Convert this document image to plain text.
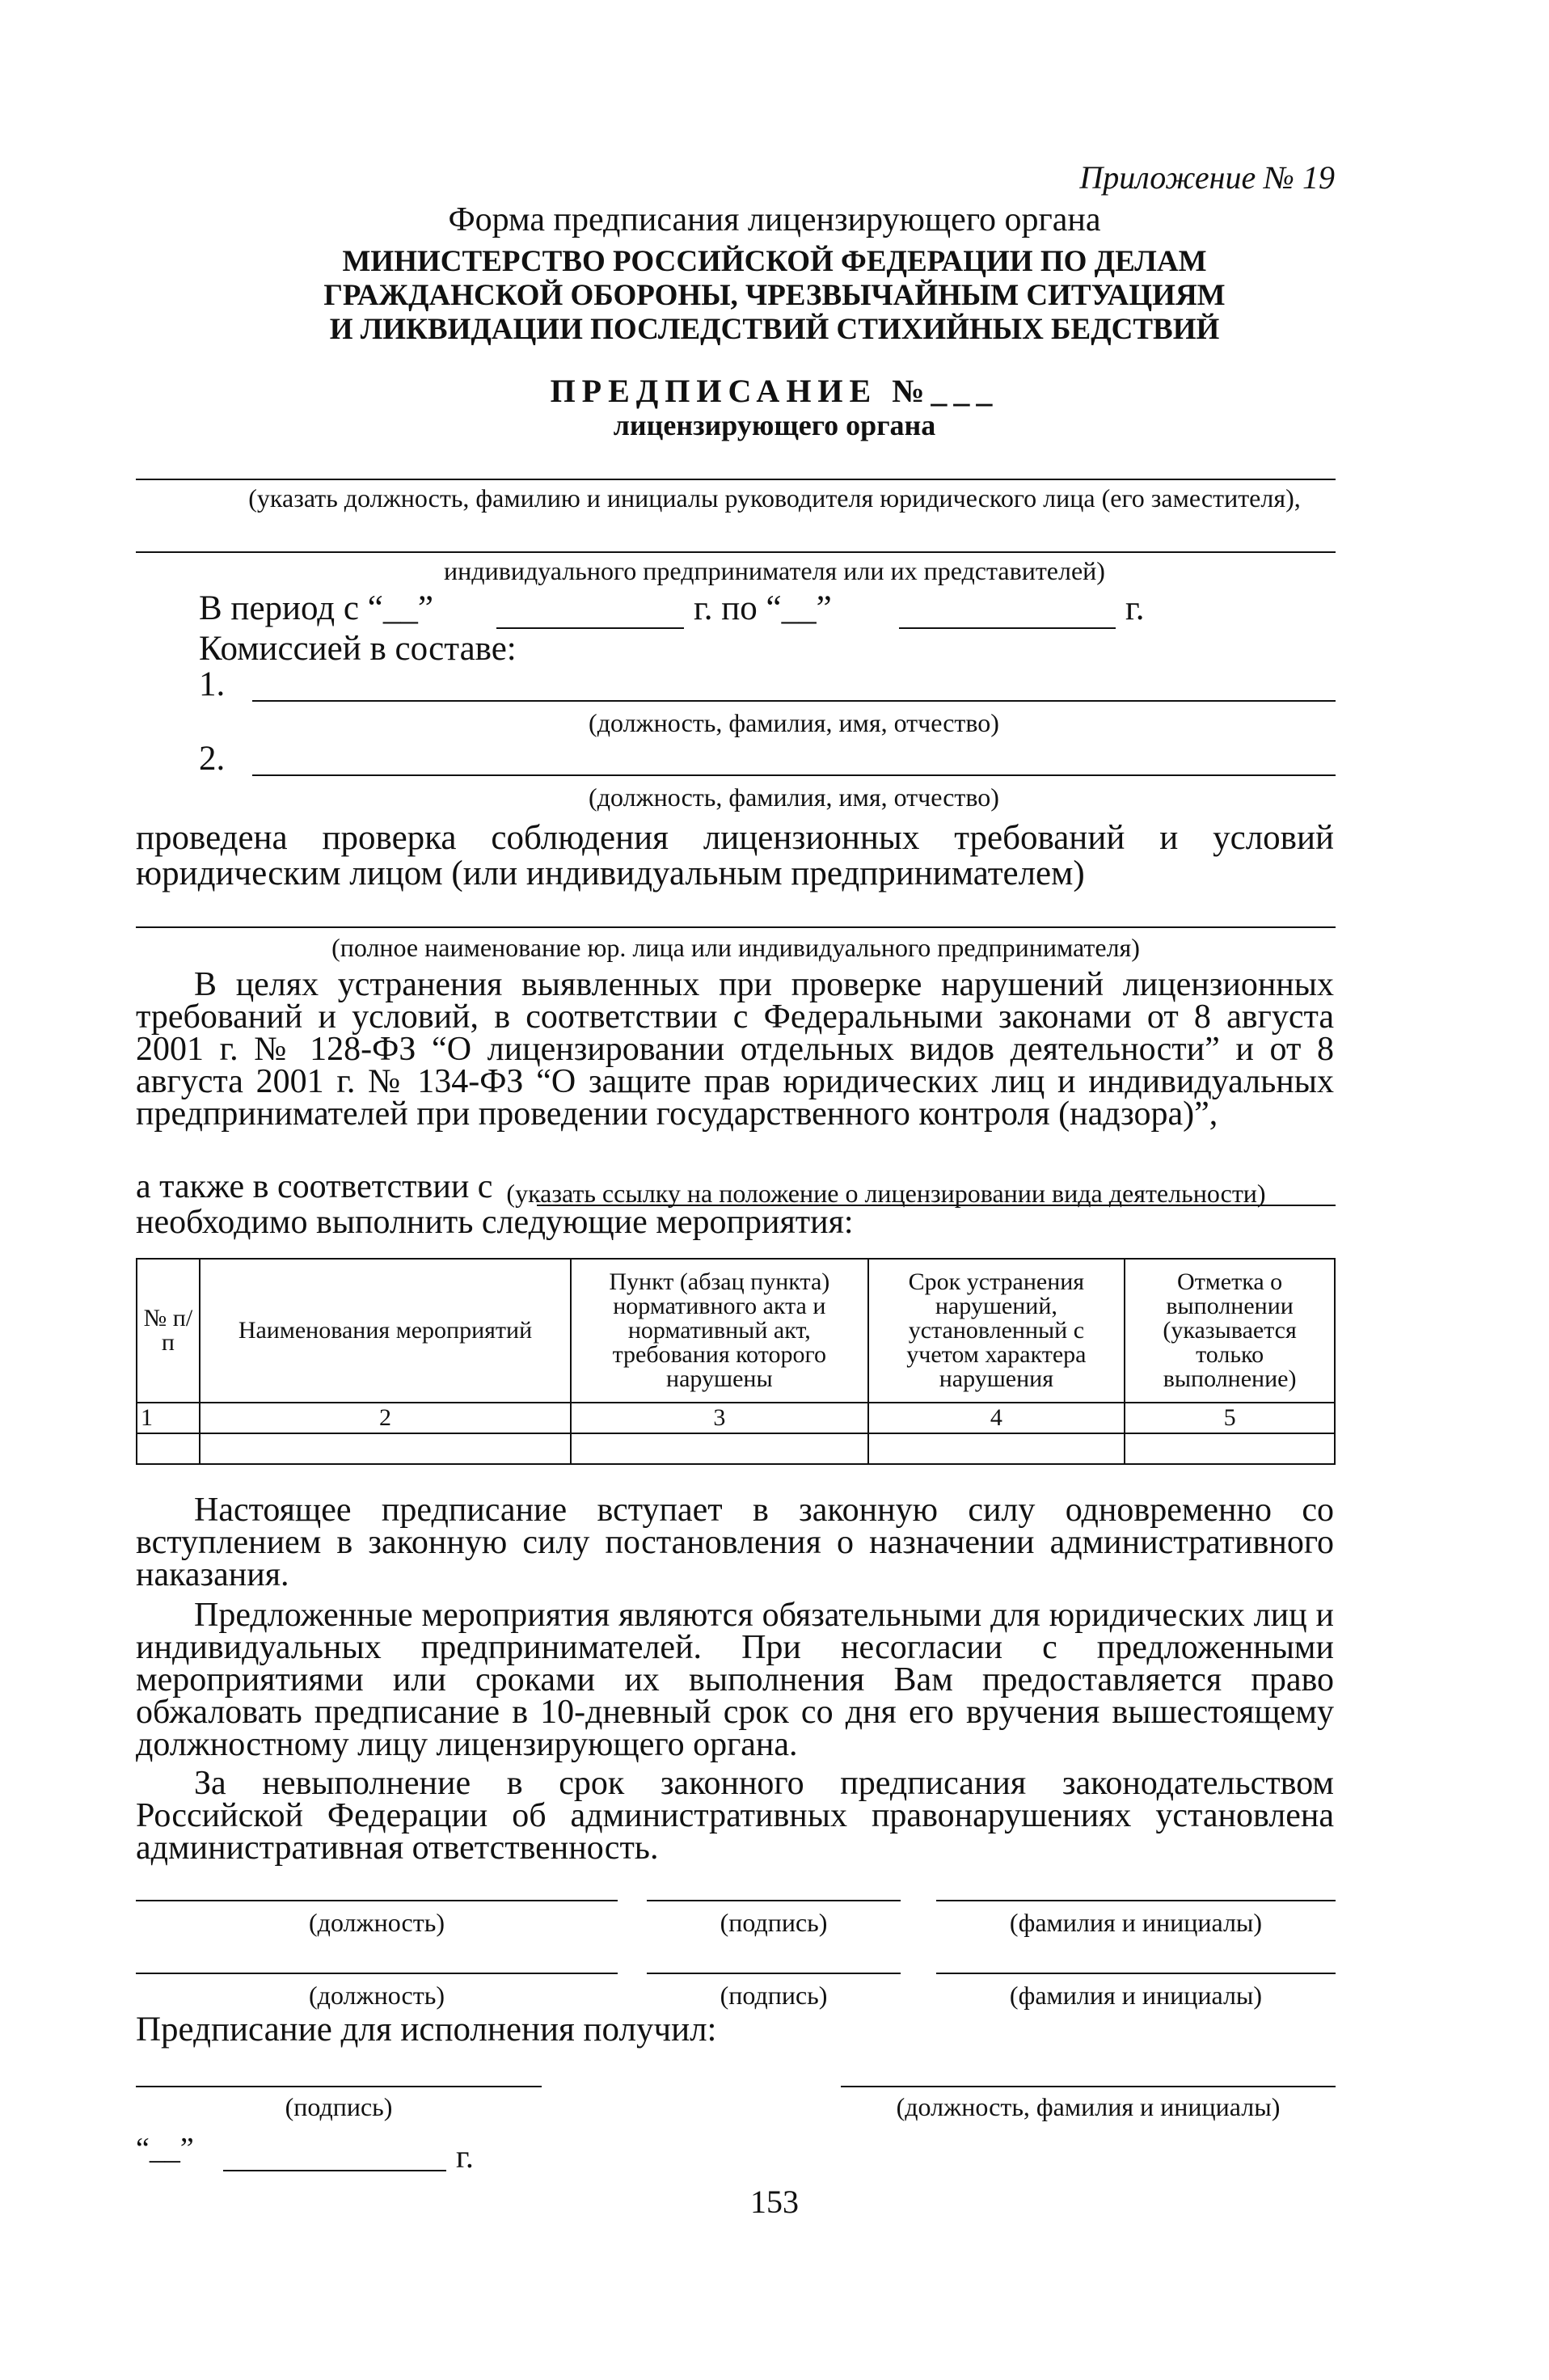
Приложение № 19
Форма предписания лицензирующего органа
МИНИСТЕРСТВО РОССИЙСКОЙ ФЕДЕРАЦИИ ПО ДЕЛАМ
ГРАЖДАНСКОЙ ОБОРОНЫ, ЧРЕЗВЫЧАЙНЫМ СИТУАЦИЯМ
И ЛИКВИДАЦИИ ПОСЛЕДСТВИЙ СТИХИЙНЫХ БЕДСТВИЙ
ПРЕДПИСАНИЕ №___
лицензирующего органа
(указать должность, фамилию и инициалы руководителя юридического лица (его заместителя),
индивидуального предпринимателя или их представителей)
В период с “__”	г. по “__”	г.
Комиссией в составе:
1.
(должность, фамилия, имя, отчество)
2.
(должность, фамилия, имя, отчество)
проведена проверка соблюдения лицензионных требований и условий юридическим лицом (или индивидуальным предпринимателем)
(полное наименование юр. лица или индивидуального предпринимателя)
В целях устранения выявленных при проверке нарушений лицензионных требований и условий, в соответствии с Федеральными законами от 8 августа 2001 г. № 128-ФЗ “О лицензировании отдельных видов деятельности” и от 8 августа 2001 г. № 134-ФЗ “О защите прав юридических лиц и индивидуальных предпринимателей при проведении государственного контроля (надзора)”,
а также в соответствии с (указать ссылку на положение о лицензировании вида деятельности)
необходимо выполнить следующие мероприятия:
№ п/п	Наименования мероприятий	Пункт (абзац пункта) нормативного акта и нормативный акт, требования которого нарушены	Срок устранения нарушений, установленный с учетом характера нарушения	Отметка о выполнении (указывается только выполнение)
1	2	3	4	5

Настоящее предписание вступает в законную силу одновременно со вступлением в законную силу постановления о назначении административного наказания.
Предложенные мероприятия являются обязательными для юридических лиц и индивидуальных предпринимателей. При несогласии с предложенными мероприятиями или сроками их выполнения Вам предоставляется право обжаловать предписание в 10-дневный срок со дня его вручения вышестоящему должностному лицу лицензирующего органа.
За невыполнение в срок законного предписания законодательством Российской Федерации об административных правонарушениях установлена административная ответственность.
(должность)	(подпись)	(фамилия и инициалы)
(должность)	(подпись)	(фамилия и инициалы)
Предписание для исполнения получил:
(подпись)	(должность, фамилия и инициалы)
“__”	г.
153
